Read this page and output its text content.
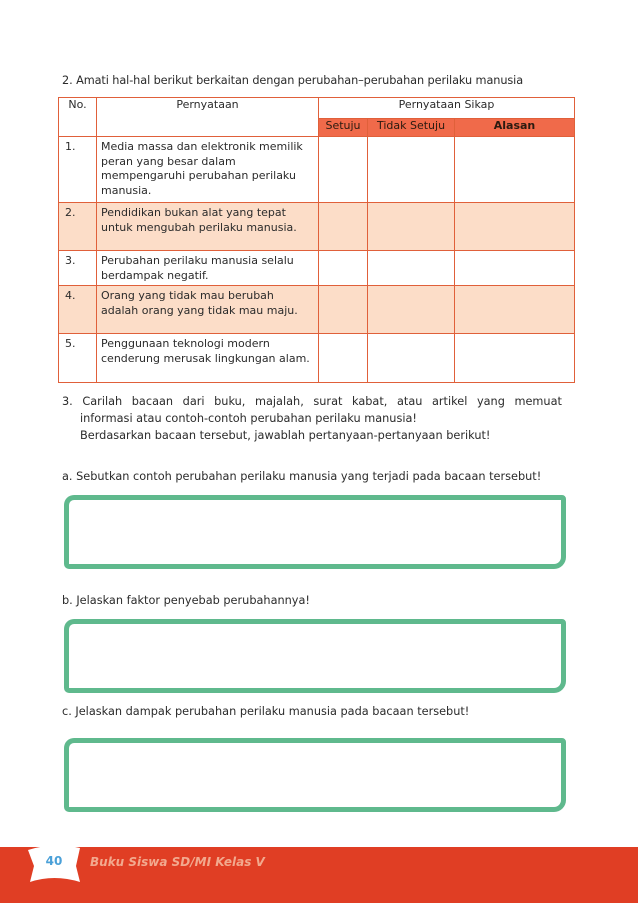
2. Amati hal-hal berikut berkaitan dengan perubahan–perubahan perilaku manusia
No.	Pernyataan	Pernyataan Sikap		
		Setuju	Tidak Setuju	Alasan
1.	Media massa dan elektronik memilik peran yang besar dalam mempengaruhi perubahan perilaku manusia.			
2.	Pendidikan bukan alat yang tepat untuk mengubah perilaku manusia.			
3.	Perubahan perilaku manusia selalu berdampak negatif.			
4.	Orang yang tidak mau berubah adalah orang yang tidak mau maju.			
5.	Penggunaan teknologi modern cenderung merusak lingkungan alam.			
3. Carilah bacaan dari buku, majalah, surat kabat, atau artikel yang memuat
informasi atau contoh-contoh perubahan perilaku manusia!
Berdasarkan bacaan tersebut, jawablah pertanyaan-pertanyaan berikut!
a. Sebutkan contoh perubahan perilaku manusia yang terjadi pada bacaan tersebut!
b. Jelaskan faktor penyebab perubahannya!
c. Jelaskan dampak perubahan perilaku manusia pada bacaan tersebut!
40	Buku Siswa SD/MI Kelas V
